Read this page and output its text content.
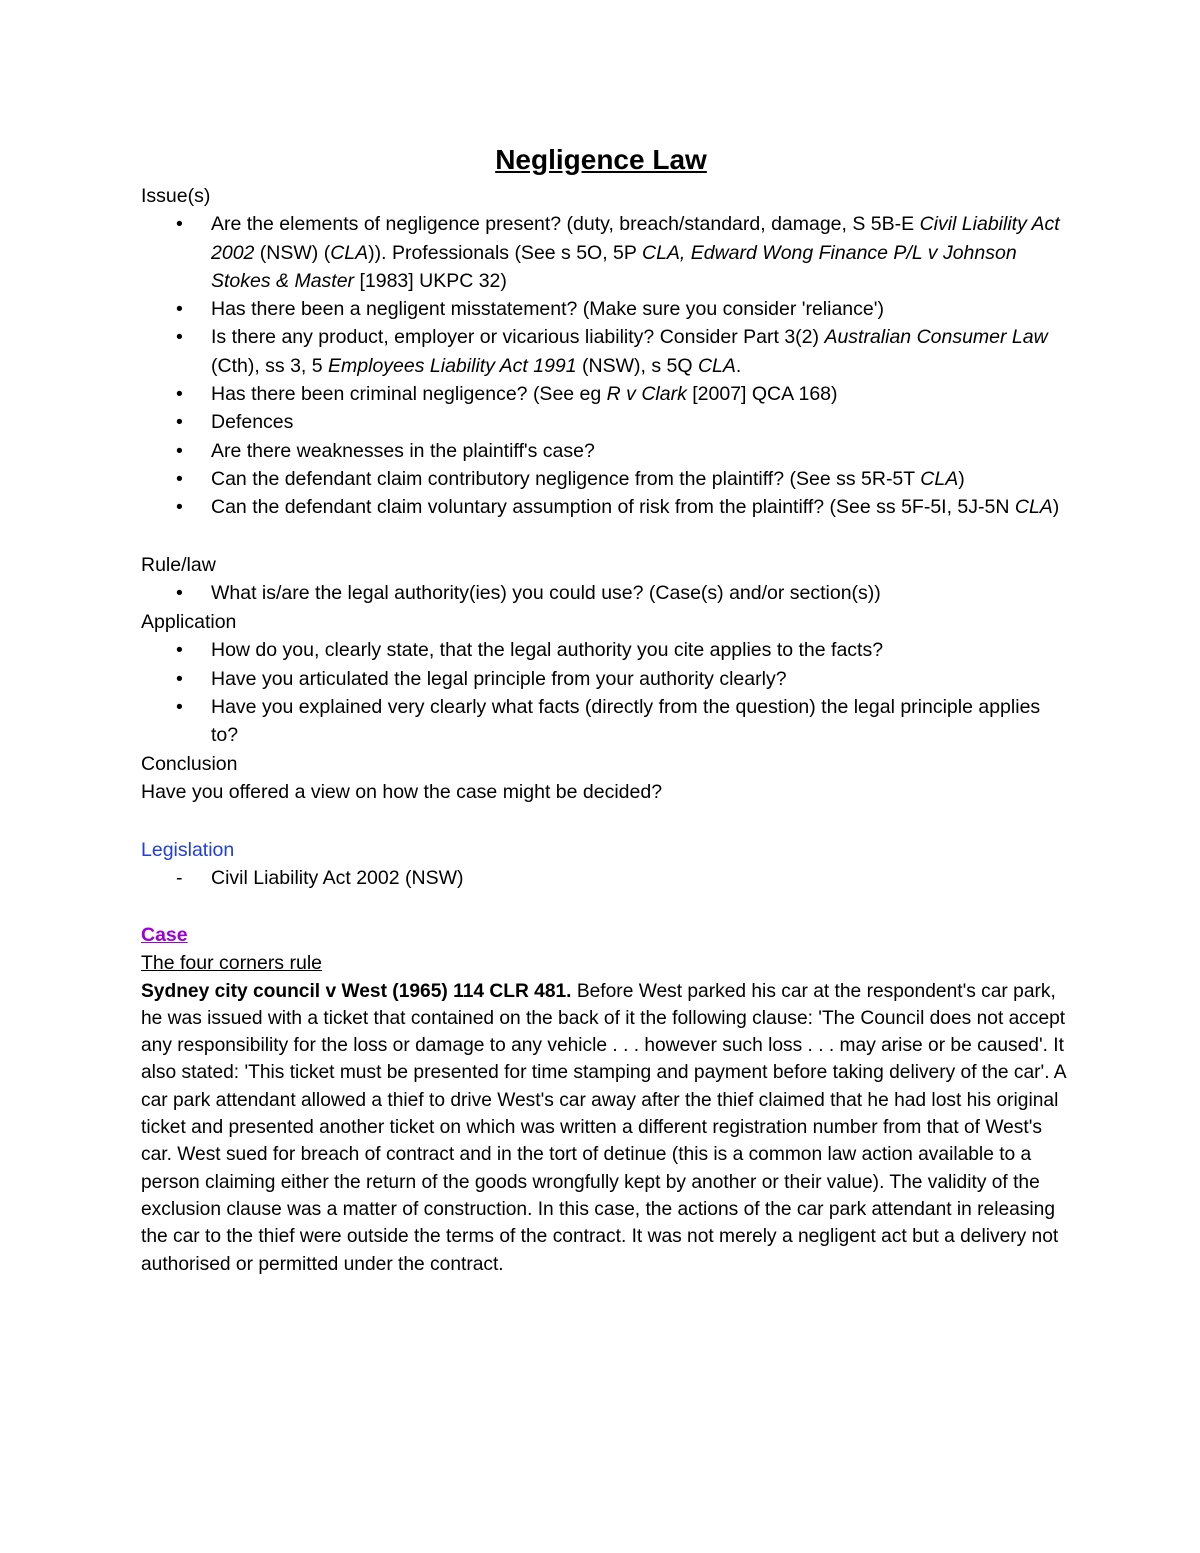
Negligence Law

Issue(s)

• Are the elements of negligence present? (duty, breach/standard, damage, S 5B-E Civil Liability Act 2002 (NSW) (CLA)). Professionals (See s 5O, 5P CLA, Edward Wong Finance P/L v Johnson Stokes & Master [1983] UKPC 32)
• Has there been a negligent misstatement? (Make sure you consider 'reliance')
• Is there any product, employer or vicarious liability? Consider Part 3(2) Australian Consumer Law (Cth), ss 3, 5 Employees Liability Act 1991 (NSW), s 5Q CLA.
• Has there been criminal negligence? (See eg R v Clark [2007] QCA 168)
• Defences
• Are there weaknesses in the plaintiff's case?
• Can the defendant claim contributory negligence from the plaintiff? (See ss 5R-5T CLA)
• Can the defendant claim voluntary assumption of risk from the plaintiff? (See ss 5F-5I, 5J-5N CLA)

Rule/law

• What is/are the legal authority(ies) you could use? (Case(s) and/or section(s))

Application

• How do you, clearly state, that the legal authority you cite applies to the facts?
• Have you articulated the legal principle from your authority clearly?
• Have you explained very clearly what facts (directly from the question) the legal principle applies to?

Conclusion

Have you offered a view on how the case might be decided?

Legislation

- Civil Liability Act 2002 (NSW)

Case

The four corners rule

Sydney city council v West (1965) 114 CLR 481. Before West parked his car at the respondent's car park, he was issued with a ticket that contained on the back of it the following clause: 'The Council does not accept any responsibility for the loss or damage to any vehicle . . . however such loss . . . may arise or be caused'. It also stated: 'This ticket must be presented for time stamping and payment before taking delivery of the car'. A car park attendant allowed a thief to drive West's car away after the thief claimed that he had lost his original ticket and presented another ticket on which was written a different registration number from that of West's car. West sued for breach of contract and in the tort of detinue (this is a common law action available to a person claiming either the return of the goods wrongfully kept by another or their value). The validity of the exclusion clause was a matter of construction. In this case, the actions of the car park attendant in releasing the car to the thief were outside the terms of the contract. It was not merely a negligent act but a delivery not authorised or permitted under the contract.
